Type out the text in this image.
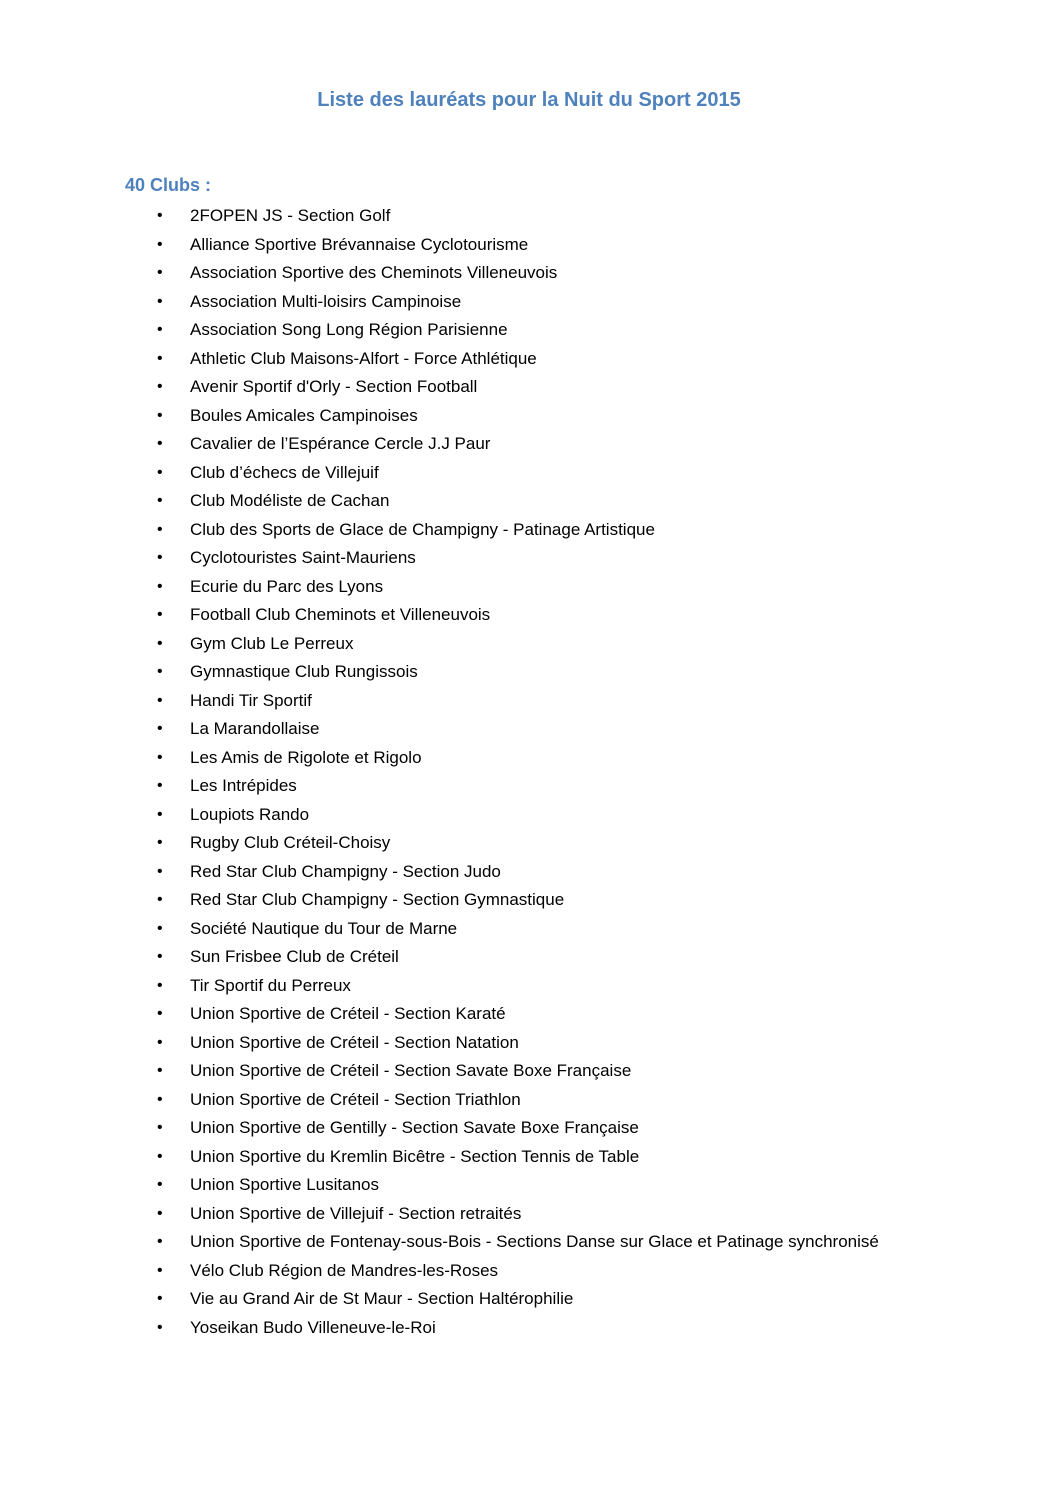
Liste des lauréats pour la Nuit du Sport 2015
40 Clubs :
• 2FOPEN JS - Section Golf
• Alliance Sportive Brévannaise Cyclotourisme
• Association Sportive des Cheminots Villeneuvois
• Association Multi-loisirs Campinoise
• Association Song Long Région Parisienne
• Athletic Club Maisons-Alfort - Force Athlétique
• Avenir Sportif d'Orly - Section Football
• Boules Amicales Campinoises
• Cavalier de l’Espérance Cercle J.J Paur
• Club d’échecs de Villejuif
• Club Modéliste de Cachan
• Club des Sports de Glace de Champigny - Patinage Artistique
• Cyclotouristes Saint-Mauriens
• Ecurie du Parc des Lyons
• Football Club Cheminots et Villeneuvois
• Gym Club Le Perreux
• Gymnastique Club Rungissois
• Handi Tir Sportif
• La Marandollaise
• Les Amis de Rigolote et Rigolo
• Les Intrépides
• Loupiots Rando
• Rugby Club Créteil-Choisy
• Red Star Club Champigny - Section Judo
• Red Star Club Champigny - Section Gymnastique
• Société Nautique du Tour de Marne
• Sun Frisbee Club de Créteil
• Tir Sportif du Perreux
• Union Sportive de Créteil - Section Karaté
• Union Sportive de Créteil - Section Natation
• Union Sportive de Créteil - Section Savate Boxe Française
• Union Sportive de Créteil - Section Triathlon
• Union Sportive de Gentilly - Section Savate Boxe Française
• Union Sportive du Kremlin Bicêtre - Section Tennis de Table
• Union Sportive Lusitanos
• Union Sportive de Villejuif - Section retraités
• Union Sportive de Fontenay-sous-Bois - Sections Danse sur Glace et Patinage synchronisé
• Vélo Club Région de Mandres-les-Roses
• Vie au Grand Air de St Maur - Section Haltérophilie
• Yoseikan Budo Villeneuve-le-Roi
